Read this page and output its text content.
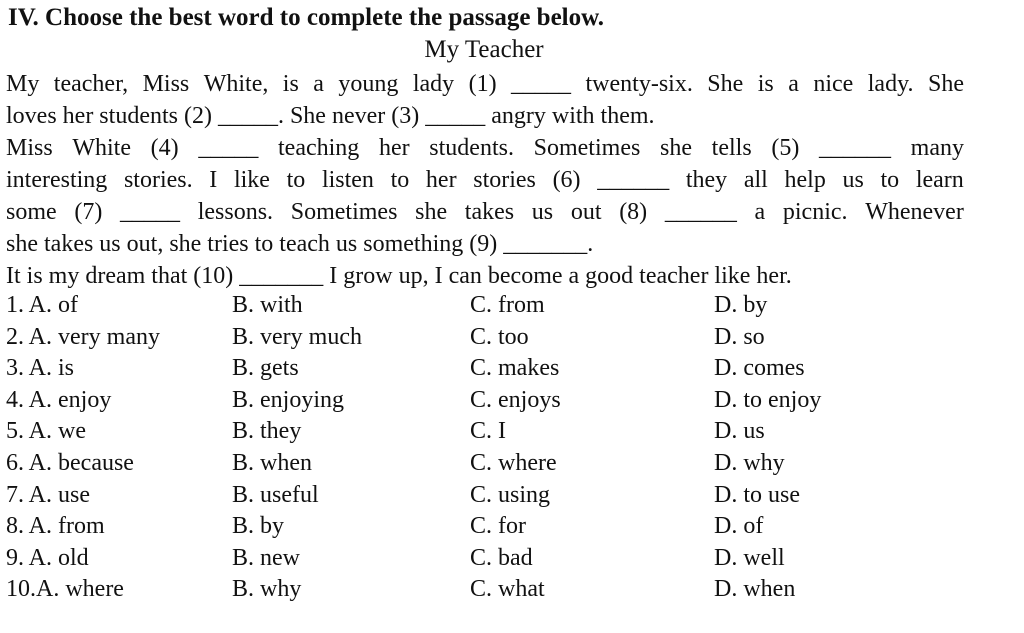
IV. Choose the best word to complete the passage below.
My Teacher
My teacher, Miss White, is a young lady (1) _____ twenty-six. She is a nice lady. She
loves her students (2) _____. She never (3) _____ angry with them.
Miss White (4) _____ teaching her students. Sometimes she tells (5) ______ many
interesting stories. I like to listen to her stories (6) ______ they all help us to learn
some (7) _____ lessons. Sometimes she takes us out (8) ______ a picnic. Whenever
she takes us out, she tries to teach us something (9) _______.
It is my dream that (10) _______ I grow up, I can become a good teacher like her.
1. A. of	B. with	C. from	D. by
2. A. very many	B. very much	C. too	D. so
3. A. is	B. gets	C. makes	D. comes
4. A. enjoy	B. enjoying	C. enjoys	D. to enjoy
5. A. we	B. they	C. I	D. us
6. A. because	B. when	C. where	D. why
7. A. use	B. useful	C. using	D. to use
8. A. from	B. by	C. for	D. of
9. A. old	B. new	C. bad	D. well
10.A. where	B. why	C. what	D. when
